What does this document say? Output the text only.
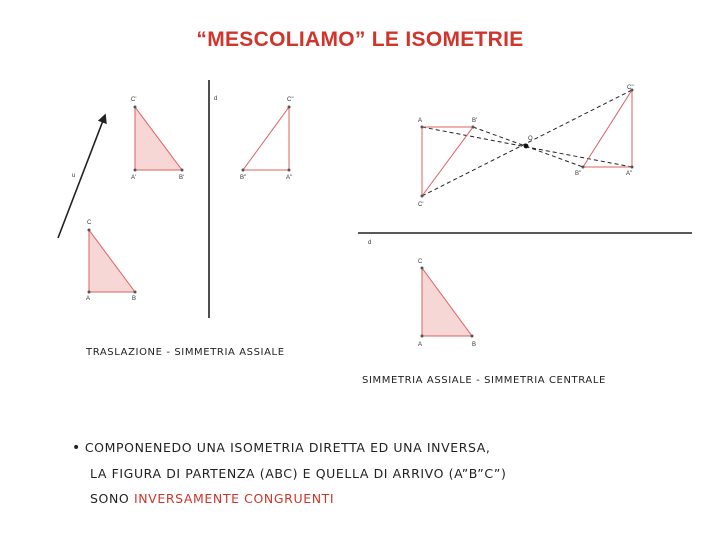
“MESCOLIAMO” LE ISOMETRIE
u
d
C'
A'	B'
C''
B''	A''
C
A	B
d
A	B'
C'
O
C''
B''	A''
C
A	B
TRASLAZIONE - SIMMETRIA ASSIALE
SIMMETRIA ASSIALE - SIMMETRIA CENTRALE
• COMPONENEDO UNA ISOMETRIA DIRETTA ED UNA INVERSA,
LA FIGURA DI PARTENZA (ABC) E QUELLA DI ARRIVO (A”B”C”)
SONO INVERSAMENTE CONGRUENTI
